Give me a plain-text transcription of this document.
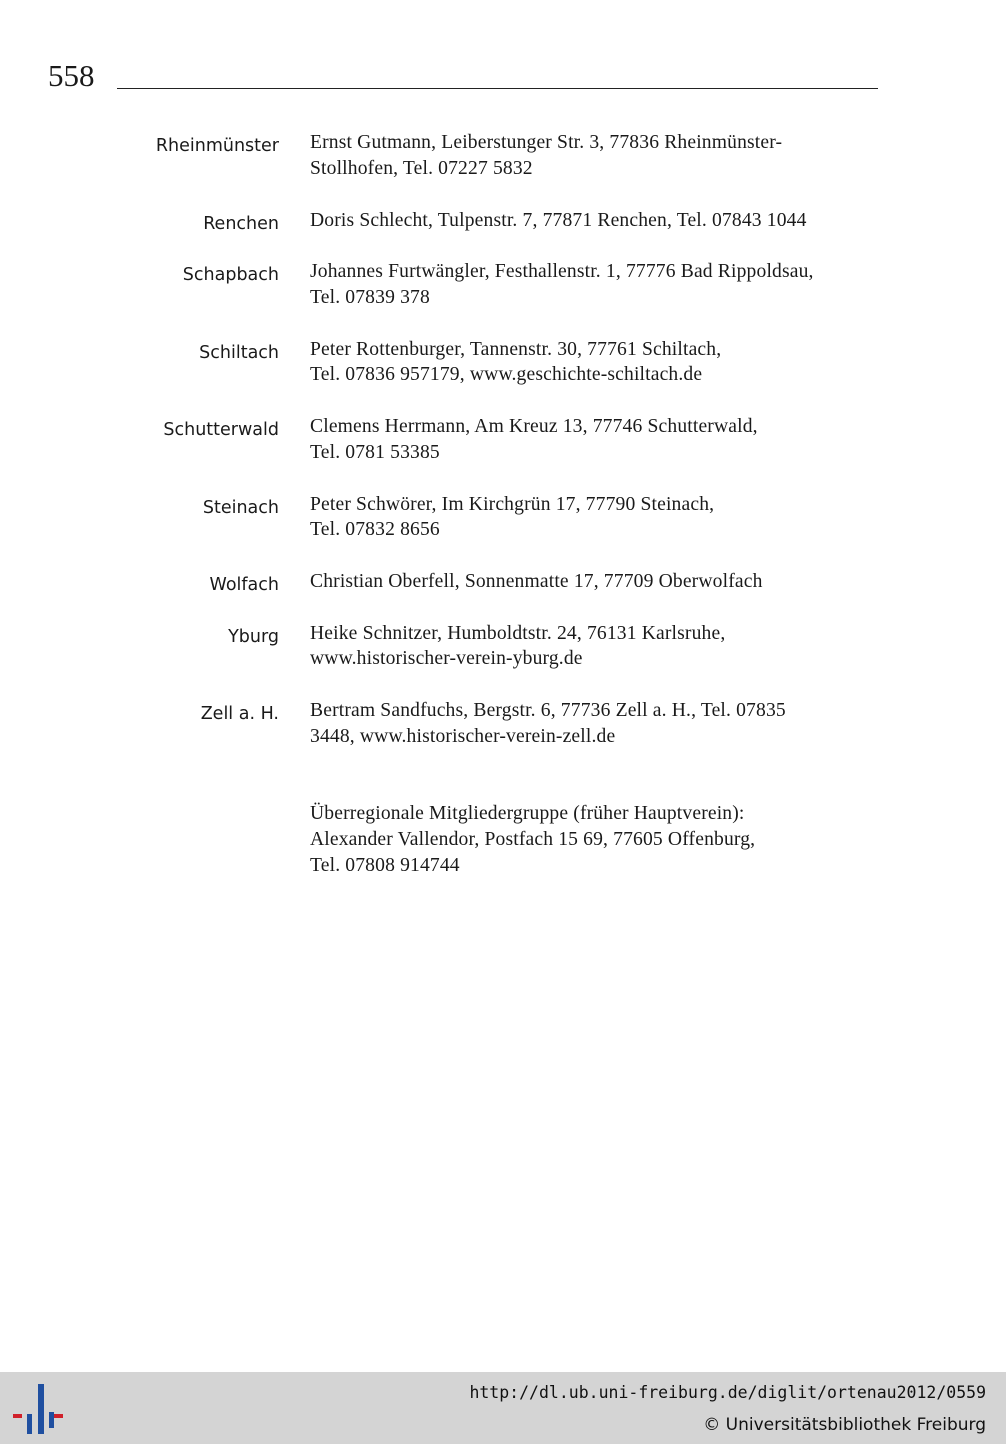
558
Rheinmünster Ernst Gutmann, Leiberstunger Str. 3, 77836 Rheinmünster-
Stollhofen, Tel. 07227 5832
Renchen Doris Schlecht, Tulpenstr. 7, 77871 Renchen, Tel. 07843 1044
Schapbach Johannes Furtwängler, Festhallenstr. 1, 77776 Bad Rippoldsau,
Tel. 07839 378
Schiltach Peter Rottenburger, Tannenstr. 30, 77761 Schiltach,
Tel. 07836 957179, www.geschichte-schiltach.de
Schutterwald Clemens Herrmann, Am Kreuz 13, 77746 Schutterwald,
Tel. 0781 53385
Steinach Peter Schwörer, Im Kirchgrün 17, 77790 Steinach,
Tel. 07832 8656
Wolfach Christian Oberfell, Sonnenmatte 17, 77709 Oberwolfach
Yburg Heike Schnitzer, Humboldtstr. 24, 76131 Karlsruhe,
www.historischer-verein-yburg.de
Zell a. H. Bertram Sandfuchs, Bergstr. 6, 77736 Zell a. H., Tel. 07835
3448, www.historischer-verein-zell.de
Überregionale Mitgliedergruppe (früher Hauptverein):
Alexander Vallendor, Postfach 15 69, 77605 Offenburg,
Tel. 07808 914744
http://dl.ub.uni-freiburg.de/diglit/ortenau2012/0559
© Universitätsbibliothek Freiburg
